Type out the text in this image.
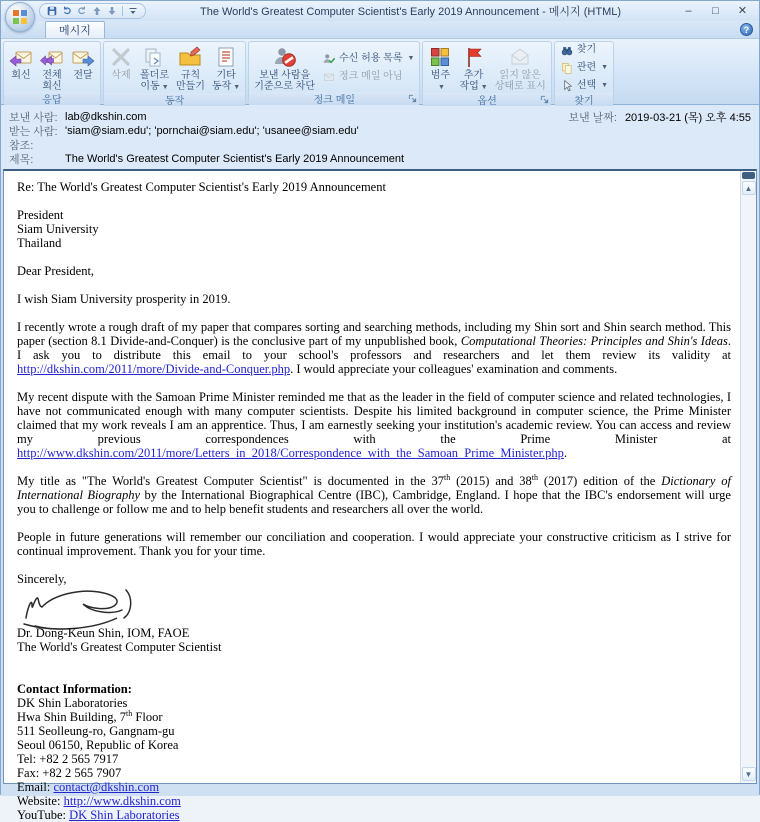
The World's Greatest Computer Scientist's Early 2019 Announcement - 메시지 (HTML)	–	□	✕
메시지	?
회신 전체
회신
전달
응답
삭제 폴더로
이동 ▼
규칙
만들기
기타
동작 ▼
동작
보낸 사람을
기준으로 차단
수신 허용 목록 ▼
정크 메일 아님
정크 메일
범주
▼
추가
작업 ▼
읽지 않은
상태로 표시
옵션
찾기
관련 ▼
선택 ▼
찾기
보낸 사람: lab@dkshin.com	보낸 날짜: 2019-03-21 (목) 오후 4:55
받는 사람: 'siam@siam.edu'; 'pornchai@siam.edu'; 'usanee@siam.edu'
참조:
제목:	The World's Greatest Computer Scientist's Early 2019 Announcement
Re: The World's Greatest Computer Scientist's Early 2019 Announcement
President
Siam University
Thailand
Dear President,
I wish Siam University prosperity in 2019.
I recently wrote a rough draft of my paper that compares sorting and searching methods, including my Shin sort and Shin search method. This paper (section 8.1 Divide-and-Conquer) is the conclusive part of my unpublished book, Computational Theories: Principles and Shin's Ideas. I ask you to distribute this email to your school's professors and researchers and let them review its validity at http://dkshin.com/2011/more/Divide-and-Conquer.php. I would appreciate your colleagues' examination and comments.
My recent dispute with the Samoan Prime Minister reminded me that as the leader in the field of computer science and related technologies, I have not communicated enough with many computer scientists. Despite his limited background in computer science, the Prime Minister claimed that my work reveals I am an apprentice. Thus, I am earnestly seeking your institution's academic review. You can access and review my previous correspondences with the Prime Minister at http://www.dkshin.com/2011/more/Letters_in_2018/Correspondence_with_the_Samoan_Prime_Minister.php.
My title as "The World's Greatest Computer Scientist" is documented in the 37th (2015) and 38th (2017) edition of the Dictionary of International Biography by the International Biographical Centre (IBC), Cambridge, England. I hope that the IBC's endorsement will urge you to challenge or follow me and to help benefit students and researchers all over the world.
People in future generations will remember our conciliation and cooperation. I would appreciate your constructive criticism as I strive for continual improvement. Thank you for your time.
Sincerely,
Dr. Dong-Keun Shin, IOM, FAOE
The World's Greatest Computer Scientist
Contact Information:
DK Shin Laboratories
Hwa Shin Building, 7th Floor
511 Seolleung-ro, Gangnam-gu
Seoul 06150, Republic of Korea
Tel: +82 2 565 7917
Fax: +82 2 565 7907
Email: contact@dkshin.com
Website: http://www.dkshin.com
YouTube: DK Shin Laboratories
▲
▼
